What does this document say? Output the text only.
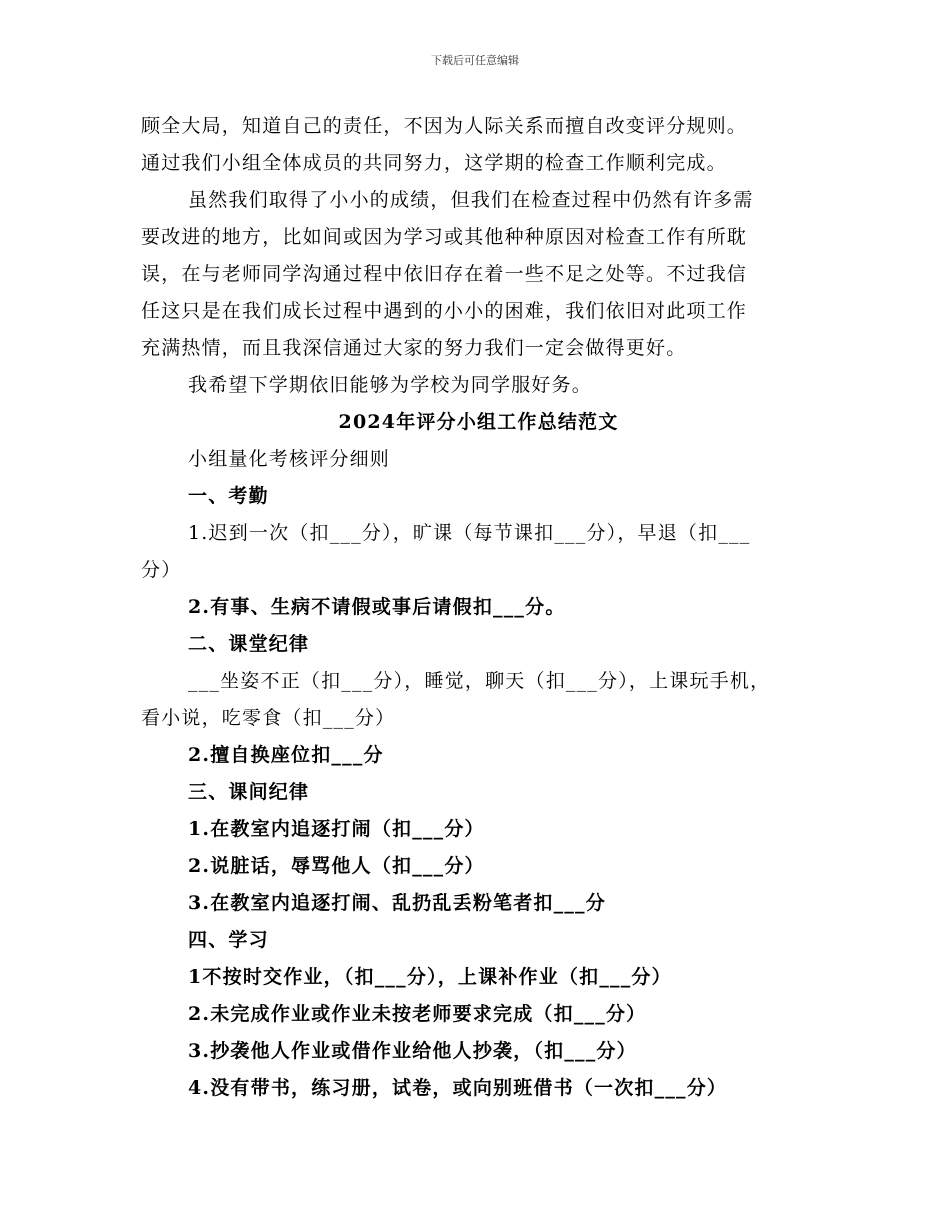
下载后可任意编辑
顾全大局，知道自己的责任，不因为人际关系而擅自改变评分规则。
通过我们小组全体成员的共同努力，这学期的检查工作顺利完成。
虽然我们取得了小小的成绩，但我们在检查过程中仍然有许多需
要改进的地方，比如间或因为学习或其他种种原因对检查工作有所耽
误，在与老师同学沟通过程中依旧存在着一些不足之处等。不过我信
任这只是在我们成长过程中遇到的小小的困难，我们依旧对此项工作
充满热情，而且我深信通过大家的努力我们一定会做得更好。
我希望下学期依旧能够为学校为同学服好务。
2024年评分小组工作总结范文
小组量化考核评分细则
一、考勤
1.迟到一次（扣___分），旷课（每节课扣___分），早退（扣___
分）
2.有事、生病不请假或事后请假扣___分。
二、课堂纪律
___坐姿不正（扣___分），睡觉，聊天（扣___分），上课玩手机，
看小说，吃零食（扣___分）
2.擅自换座位扣___分
三、课间纪律
1.在教室内追逐打闹（扣___分）
2.说脏话，辱骂他人（扣___分）
3.在教室内追逐打闹、乱扔乱丢粉笔者扣___分
四、学习
1不按时交作业，（扣___分），上课补作业（扣___分）
2.未完成作业或作业未按老师要求完成（扣___分）
3.抄袭他人作业或借作业给他人抄袭，（扣___分）
4.没有带书，练习册，试卷，或向别班借书（一次扣___分）
